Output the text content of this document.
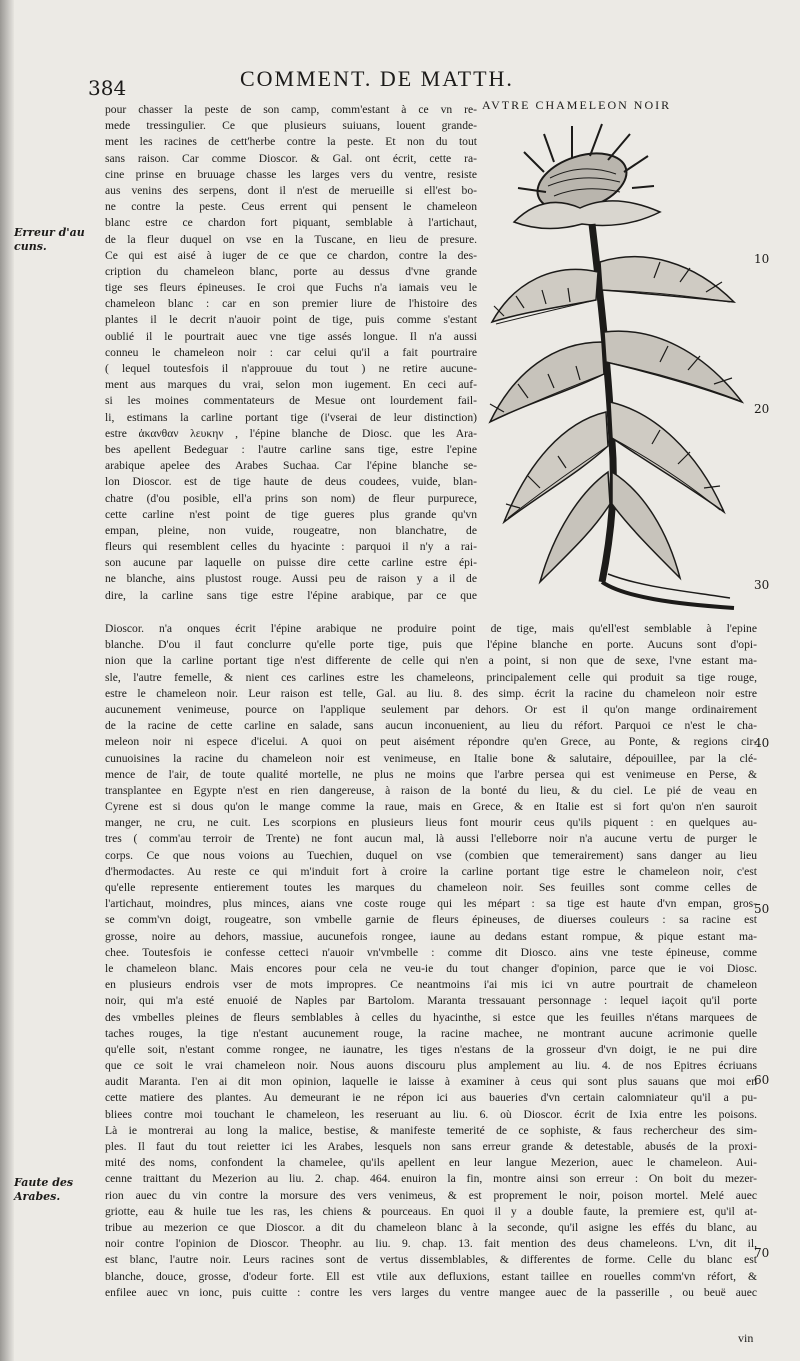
384	COMMENT. DE MATTH.
AVTRE CHAMELEON NOIR
Erreur d'au cuns.
Faute des Arabes.
10
20
30
40
50
60
70
pour chasser la peste de son camp, comm'estant à ce vn re-
mede tressingulier. Ce que plusieurs suiuans, louent grande-
ment les racines de cett'herbe contre la peste. Et non du tout
sans raison. Car comme Dioscor. & Gal. ont écrit, cette ra-
cine prinse en bruuage chasse les larges vers du ventre, resiste
aus venins des serpens, dont il n'est de merueille si ell'est bo-
ne contre la peste. Ceus errent qui pensent le chameleon
blanc estre ce chardon fort piquant, semblable à l'artichaut,
de la fleur duquel on vse en la Tuscane, en lieu de presure.
Ce qui est aisé à iuger de ce que ce chardon, contre la des-
cription du chameleon blanc, porte au dessus d'vne grande
tige ses fleurs épineuses. Ie croi que Fuchs n'a iamais veu le
chameleon blanc : car en son premier liure de l'histoire des
plantes il le decrit n'auoir point de tige, puis comme s'estant
oublié il le pourtrait auec vne tige assés longue. Il n'a aussi
conneu le chameleon noir : car celui qu'il a fait pourtraire
( lequel toutesfois il n'approuue du tout ) ne retire aucune-
ment aus marques du vrai, selon mon iugement. En ceci auf-
si les moines commentateurs de Mesue ont lourdement fail-
li, estimans la carline portant tige (i'vserai de leur distinction)
estre ἀκανθαν λευκην , l'épine blanche de Diosc. que les Ara-
bes apellent Bedeguar : l'autre carline sans tige, estre l'epine
arabique apelee des Arabes Suchaa. Car l'épine blanche se-
lon Dioscor. est de tige haute de deus coudees, vuide, blan-
chatre (d'ou posible, ell'a prins son nom) de fleur purpurece,
cette carline n'est point de tige gueres plus grande qu'vn
empan, pleine, non vuide, rougeatre, non blanchatre, de
fleurs qui resemblent celles du hyacinte : parquoi il n'y a rai-
son aucune par laquelle on puisse dire cette carline estre épi-
ne blanche, ains plustost rouge. Aussi peu de raison y a il de
dire, la carline sans tige estre l'épine arabique, par ce que
Dioscor. n'a onques écrit l'épine arabique ne produire point de tige, mais qu'ell'est semblable à l'epine
blanche. D'ou il faut conclurre qu'elle porte tige, puis que l'épine blanche en porte. Aucuns sont d'opi-
nion que la carline portant tige n'est differente de celle qui n'en a point, si non que de sexe, l'vne estant ma-
sle, l'autre femelle, & nient ces carlines estre les chameleons, principalement celle qui produit sa tige rouge,
estre le chameleon noir. Leur raison est telle, Gal. au liu. 8. des simp. écrit la racine du chameleon noir estre
aucunement venimeuse, pource on l'applique seulement par dehors. Or est il qu'on mange ordinairement
de la racine de cette carline en salade, sans aucun inconuenient, au lieu du réfort. Parquoi ce n'est le cha-
meleon noir ni espece d'icelui. A quoi on peut aisément répondre qu'en Grece, au Ponte, & regions cir-
cunuoisines la racine du chameleon noir est venimeuse, en Italie bone & salutaire, dépouillee, par la clé-
mence de l'air, de toute qualité mortelle, ne plus ne moins que l'arbre persea qui est venimeuse en Perse, &
transplantee en Egypte n'est en rien dangereuse, à raison de la bonté du lieu, & du ciel. Le pié de veau en
Cyrene est si dous qu'on le mange comme la raue, mais en Grece, & en Italie est si fort qu'on n'en sauroit
manger, ne cru, ne cuit. Les scorpions en plusieurs lieus font mourir ceus qu'ils piquent : en quelques au-
tres ( comm'au terroir de Trente) ne font aucun mal, là aussi l'elleborre noir n'a aucune vertu de purger le
corps. Ce que nous voions au Tuechien, duquel on vse (combien que temerairement) sans danger au lieu
d'hermodactes. Au reste ce qui m'induit fort à croire la carline portant tige estre le chameleon noir, c'est
qu'elle represente entierement toutes les marques du chameleon noir. Ses feuilles sont comme celles de
l'artichaut, moindres, plus minces, aians vne coste rouge qui les mépart : sa tige est haute d'vn empan, gros-
se comm'vn doigt, rougeatre, son vmbelle garnie de fleurs épineuses, de diuerses couleurs : sa racine est
grosse, noire au dehors, massiue, aucunefois rongee, iaune au dedans estant rompue, & pique estant ma-
chee. Toutesfois ie confesse cetteci n'auoir vn'vmbelle : comme dit Diosco. ains vne teste épineuse, comme
le chameleon blanc. Mais encores pour cela ne veu-ie du tout changer d'opinion, parce que ie voi Diosc.
en plusieurs endrois vser de mots impropres. Ce neantmoins i'ai mis ici vn autre pourtrait de chameleon
noir, qui m'a esté enuoié de Naples par Bartolom. Maranta tressauant personnage : lequel iaçoit qu'il porte
des vmbelles pleines de fleurs semblables à celles du hyacinthe, si estce que les feuilles n'étans marquees de
taches rouges, la tige n'estant aucunement rouge, la racine machee, ne montrant aucune acrimonie quelle
qu'elle soit, n'estant comme rongee, ne iaunatre, les tiges n'estans de la grosseur d'vn doigt, ie ne pui dire
que ce soit le vrai chameleon noir. Nous auons discouru plus amplement au liu. 4. de nos Epitres écriuans
audit Maranta. I'en ai dit mon opinion, laquelle ie laisse à examiner à ceus qui sont plus sauans que moi en
cette matiere des plantes. Au demeurant ie ne répon ici aus baueries d'vn certain calomniateur qu'il a pu-
bliees contre moi touchant le chameleon, les reseruant au liu. 6. où Dioscor. écrit de Ixia entre les poisons.
Là ie montrerai au long la malice, bestise, & manifeste temerité de ce sophiste, & faus rechercheur des sim-
ples. Il faut du tout reietter ici les Arabes, lesquels non sans erreur grande & detestable, abusés de la proxi-
mité des noms, confondent la chamelee, qu'ils apellent en leur langue Mezerion, auec le chameleon. Aui-
cenne traittant du Mezerion au liu. 2. chap. 464. enuiron la fin, montre ainsi son erreur : On boit du mezer-
rion auec du vin contre la morsure des vers venimeus, & est proprement le noir, poison mortel. Melé auec
griotte, eau & huile tue les ras, les chiens & pourceaus. En quoi il y a double faute, la premiere est, qu'il at-
tribue au mezerion ce que Dioscor. a dit du chameleon blanc à la seconde, qu'il asigne les effés du blanc, au
noir contre l'opinion de Dioscor. Theophr. au liu. 9. chap. 13. fait mention des deus chameleons. L'vn, dit il,
est blanc, l'autre noir. Leurs racines sont de vertus dissemblables, & differentes de forme. Celle du blanc est
blanche, douce, grosse, d'odeur forte. Ell est vtile aux defluxions, estant taillee en rouelles comm'vn réfort, &
enfilee auec vn ionc, puis cuitte : contre les vers larges du ventre mangee auec de la passerille , ou beuë auec
vin
